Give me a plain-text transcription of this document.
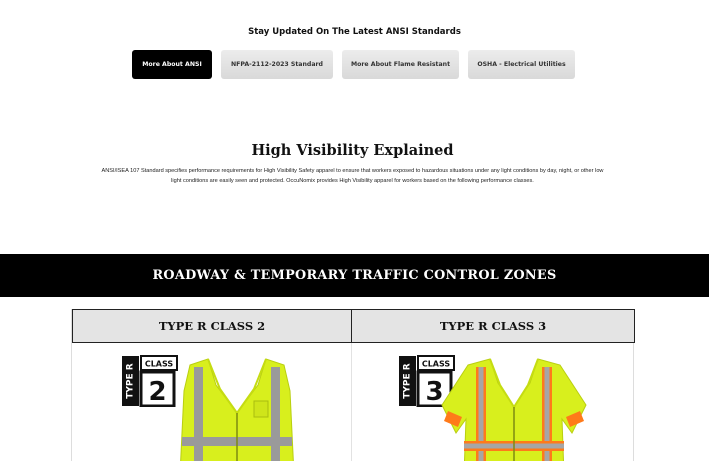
Stay Updated On The Latest ANSI Standards
More About ANSI	NFPA-2112-2023 Standard	More About Flame Resistant	OSHA - Electrical Utilities
High Visibility Explained

ANSI/ISEA 107 Standard specifies performance requirements for High Visibility Safety apparel to ensure that workers exposed to hazardous situations under any light conditions by day, night, or other low light conditions are easily seen and protected. OccuNomix provides High Visibility apparel for workers based on the following performance classes.

ROADWAY & TEMPORARY TRAFFIC CONTROL ZONES
TYPE R CLASS 2	TYPE R CLASS 3
TYPE R CLASS
2	TYPE R CLASS
3
